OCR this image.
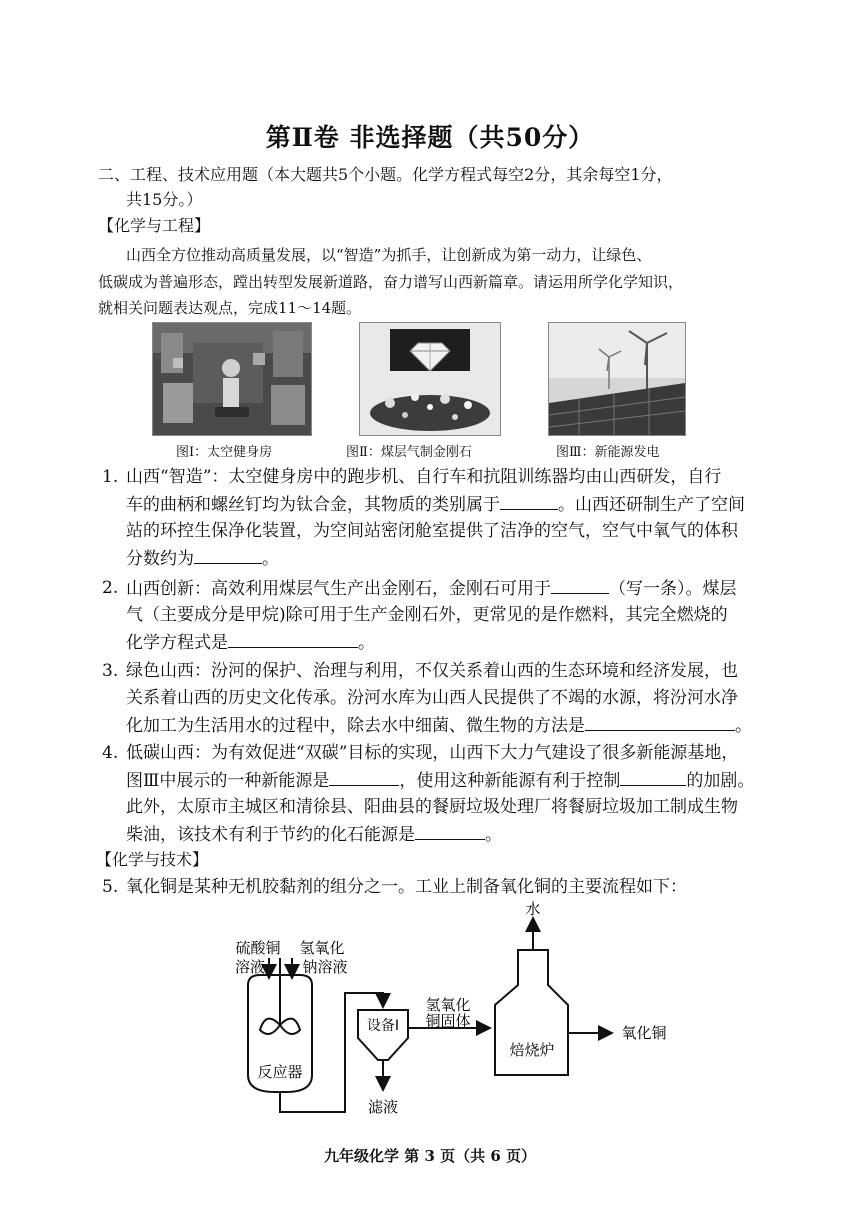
第Ⅱ卷 非选择题（共50分）
二、工程、技术应用题（本大题共5个小题。化学方程式每空2分，其余每空1分，
共15分。）
【化学与工程】
山西全方位推动高质量发展，以“智造”为抓手，让创新成为第一动力，让绿色、
低碳成为普遍形态，蹚出转型发展新道路，奋力谱写山西新篇章。请运用所学化学知识，
就相关问题表达观点，完成11～14题。
图Ⅰ：太空健身房	图Ⅱ：煤层气制金刚石	图Ⅲ：新能源发电
1. 山西“智造”：太空健身房中的跑步机、自行车和抗阻训练器均由山西研发，自行
车的曲柄和螺丝钉均为钛合金，其物质的类别属于	。山西还研制生产了空间
站的环控生保净化装置，为空间站密闭舱室提供了洁净的空气，空气中氧气的体积
分数约为	。
2. 山西创新：高效利用煤层气生产出金刚石，金刚石可用于	（写一条）。煤层
气（主要成分是甲烷)除可用于生产金刚石外，更常见的是作燃料，其完全燃烧的
化学方程式是	。
3. 绿色山西：汾河的保护、治理与利用，不仅关系着山西的生态环境和经济发展，也
关系着山西的历史文化传承。汾河水库为山西人民提供了不竭的水源，将汾河水净
化加工为生活用水的过程中，除去水中细菌、微生物的方法是	。
4. 低碳山西：为有效促进“双碳”目标的实现，山西下大力气建设了很多新能源基地，
图Ⅲ中展示的一种新能源是	，使用这种新能源有利于控制	的加剧。
此外，太原市主城区和清徐县、阳曲县的餐厨垃圾处理厂将餐厨垃圾加工制成生物
柴油，该技术有利于节约的化石能源是	。
【化学与技术】
5. 氧化铜是某种无机胶黏剂的组分之一。工业上制备氧化铜的主要流程如下：
硫酸铜
溶液
氢氧化
钠溶液
反应器
设备Ⅰ
滤液
氢氧化
铜固体
焙烧炉
水
氧化铜
九年级化学 第 3 页（共 6 页）
